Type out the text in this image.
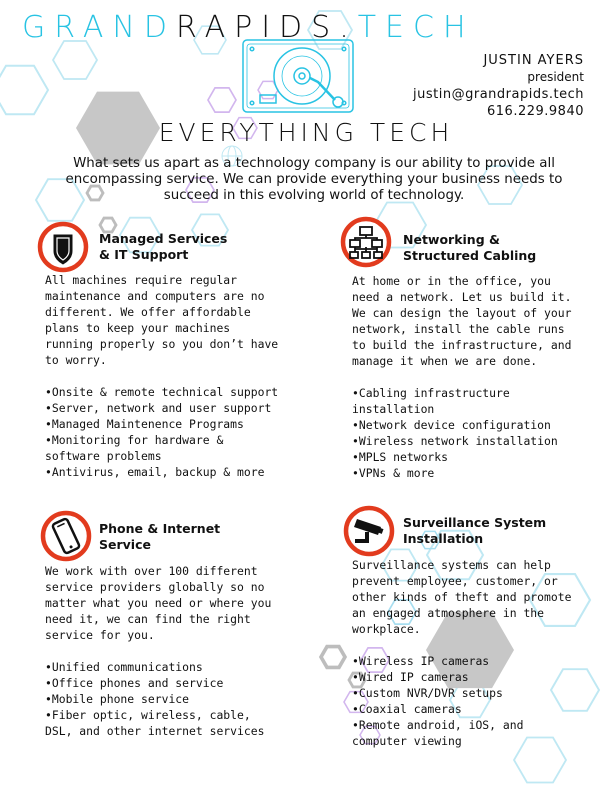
GRANDRAPIDS.TECH
JUSTIN AYERS
president
justin@grandrapids.tech
616.229.9840
EVERYTHING TECH
What sets us apart as a technology company is our ability to provide all encompassing service. We can provide everything your business needs to succeed in this evolving world of technology.
Managed Services
& IT Support

All machines require regular maintenance and computers are no different. We offer affordable plans to keep your machines running properly so you don’t have to worry.

•Onsite & remote technical support
•Server, network and user support
•Managed Maintenence Programs
•Monitoring for hardware & software problems
•Antivirus, email, backup & more
Networking &
Structured Cabling

At home or in the office, you need a network. Let us build it. We can design the layout of your network, install the cable runs to build the infrastructure, and manage it when we are done.

•Cabling infrastructure installation
•Network device configuration
•Wireless network installation
•MPLS networks
•VPNs & more
Phone & Internet
Service

We work with over 100 different service providers globally so no matter what you need or where you need it, we can find the right service for you.

•Unified communications
•Office phones and service
•Mobile phone service
•Fiber optic, wireless, cable, DSL, and other internet services
Surveillance System
Installation

Surveillance systems can help prevent employee, customer, or other kinds of theft and promote an engaged atmosphere in the workplace.

•Wireless IP cameras
•Wired IP cameras
•Custom NVR/DVR setups
•Coaxial cameras
•Remote android, iOS, and computer viewing
